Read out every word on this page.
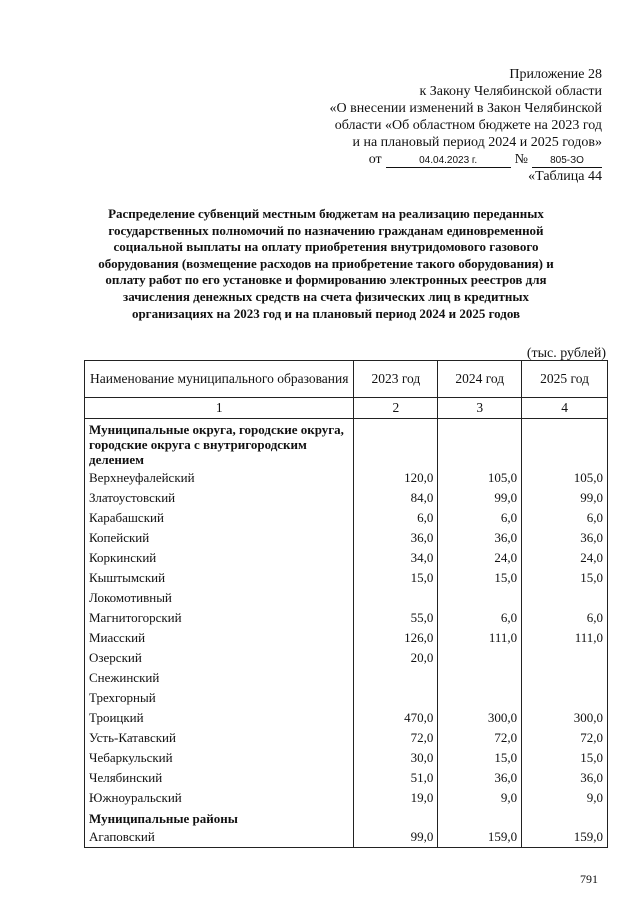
Приложение 28
к Закону Челябинской области
«О внесении изменений в Закон Челябинской
области «Об областном бюджете на 2023 год
и на плановый период 2024 и 2025 годов»
от	04.04.2023 г.	№	805-ЗО
«Таблица 44
Распределение субвенций местным бюджетам на реализацию переданных
государственных полномочий по назначению гражданам единовременной
социальной выплаты на оплату приобретения внутридомового газового
оборудования (возмещение расходов на приобретение такого оборудования) и
оплату работ по его установке и формированию электронных реестров для
зачисления денежных средств на счета физических лиц в кредитных
организациях на 2023 год и на плановый период 2024 и 2025 годов
(тыс. рублей)
Наименование муниципального образования	2023 год	2024 год	2025 год
1	2	3	4
Муниципальные округа, городские округа, городские округа с внутригородским делением			
Верхнеуфалейский	120,0	105,0	105,0
Златоустовский	84,0	99,0	99,0
Карабашский	6,0	6,0	6,0
Копейский	36,0	36,0	36,0
Коркинский	34,0	24,0	24,0
Кыштымский	15,0	15,0	15,0
Локомотивный			
Магнитогорский	55,0	6,0	6,0
Миасский	126,0	111,0	111,0
Озерский	20,0		
Снежинский			
Трехгорный			
Троицкий	470,0	300,0	300,0
Усть-Катавский	72,0	72,0	72,0
Чебаркульский	30,0	15,0	15,0
Челябинский	51,0	36,0	36,0
Южноуральский	19,0	9,0	9,0
Муниципальные районы			
Агаповский	99,0	159,0	159,0
791
